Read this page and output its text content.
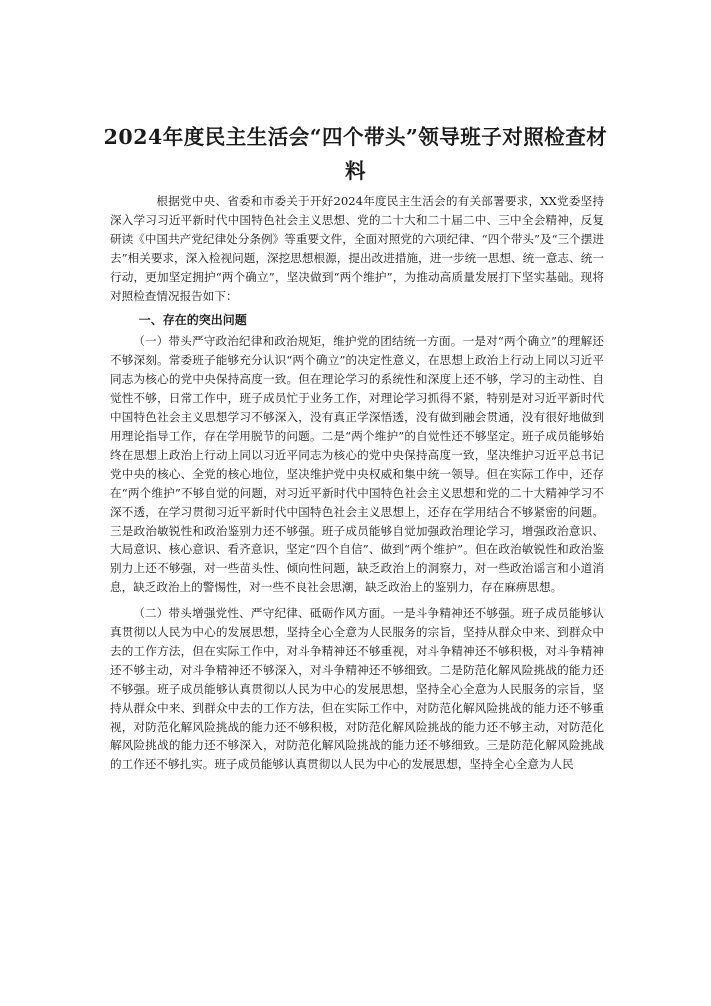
2024年度民主生活会“四个带头”领导班子对照检查材料

根据党中央、省委和市委关于开好2024年度民主生活会的有关部署要求，XX党委坚持深入学习习近平新时代中国特色社会主义思想、党的二十大和二十届二中、三中全会精神，反复研读《中国共产党纪律处分条例》等重要文件，全面对照党的六项纪律、“四个带头”及“三个摆进去”相关要求，深入检视问题，深挖思想根源，提出改进措施，进一步统一思想、统一意志、统一行动，更加坚定拥护“两个确立”，坚决做到“两个维护”，为推动高质量发展打下坚实基础。现将对照检查情况报告如下：

一、存在的突出问题

（一）带头严守政治纪律和政治规矩，维护党的团结统一方面。一是对“两个确立”的理解还不够深刻。常委班子能够充分认识“两个确立”的决定性意义，在思想上政治上行动上同以习近平同志为核心的党中央保持高度一致。但在理论学习的系统性和深度上还不够，学习的主动性、自觉性不够，日常工作中，班子成员忙于业务工作，对理论学习抓得不紧，特别是对习近平新时代中国特色社会主义思想学习不够深入，没有真正学深悟透，没有做到融会贯通，没有很好地做到用理论指导工作，存在学用脱节的问题。二是“两个维护”的自觉性还不够坚定。班子成员能够始终在思想上政治上行动上同以习近平同志为核心的党中央保持高度一致，坚决维护习近平总书记党中央的核心、全党的核心地位，坚决维护党中央权威和集中统一领导。但在实际工作中，还存在“两个维护”不够自觉的问题，对习近平新时代中国特色社会主义思想和党的二十大精神学习不深不透，在学习贯彻习近平新时代中国特色社会主义思想上，还存在学用结合不够紧密的问题。三是政治敏锐性和政治鉴别力还不够强。班子成员能够自觉加强政治理论学习，增强政治意识、大局意识、核心意识、看齐意识，坚定“四个自信”、做到“两个维护”。但在政治敏锐性和政治鉴别力上还不够强，对一些苗头性、倾向性问题，缺乏政治上的洞察力，对一些政治谣言和小道消息，缺乏政治上的警惕性，对一些不良社会思潮，缺乏政治上的鉴别力，存在麻痹思想。

（二）带头增强党性、严守纪律、砥砺作风方面。一是斗争精神还不够强。班子成员能够认真贯彻以人民为中心的发展思想，坚持全心全意为人民服务的宗旨，坚持从群众中来、到群众中去的工作方法，但在实际工作中，对斗争精神还不够重视，对斗争精神还不够积极，对斗争精神还不够主动，对斗争精神还不够深入，对斗争精神还不够细致。二是防范化解风险挑战的能力还不够强。班子成员能够认真贯彻以人民为中心的发展思想，坚持全心全意为人民服务的宗旨，坚持从群众中来、到群众中去的工作方法，但在实际工作中，对防范化解风险挑战的能力还不够重视，对防范化解风险挑战的能力还不够积极，对防范化解风险挑战的能力还不够主动，对防范化解风险挑战的能力还不够深入，对防范化解风险挑战的能力还不够细致。三是防范化解风险挑战的工作还不够扎实。班子成员能够认真贯彻以人民为中心的发展思想，坚持全心全意为人民
